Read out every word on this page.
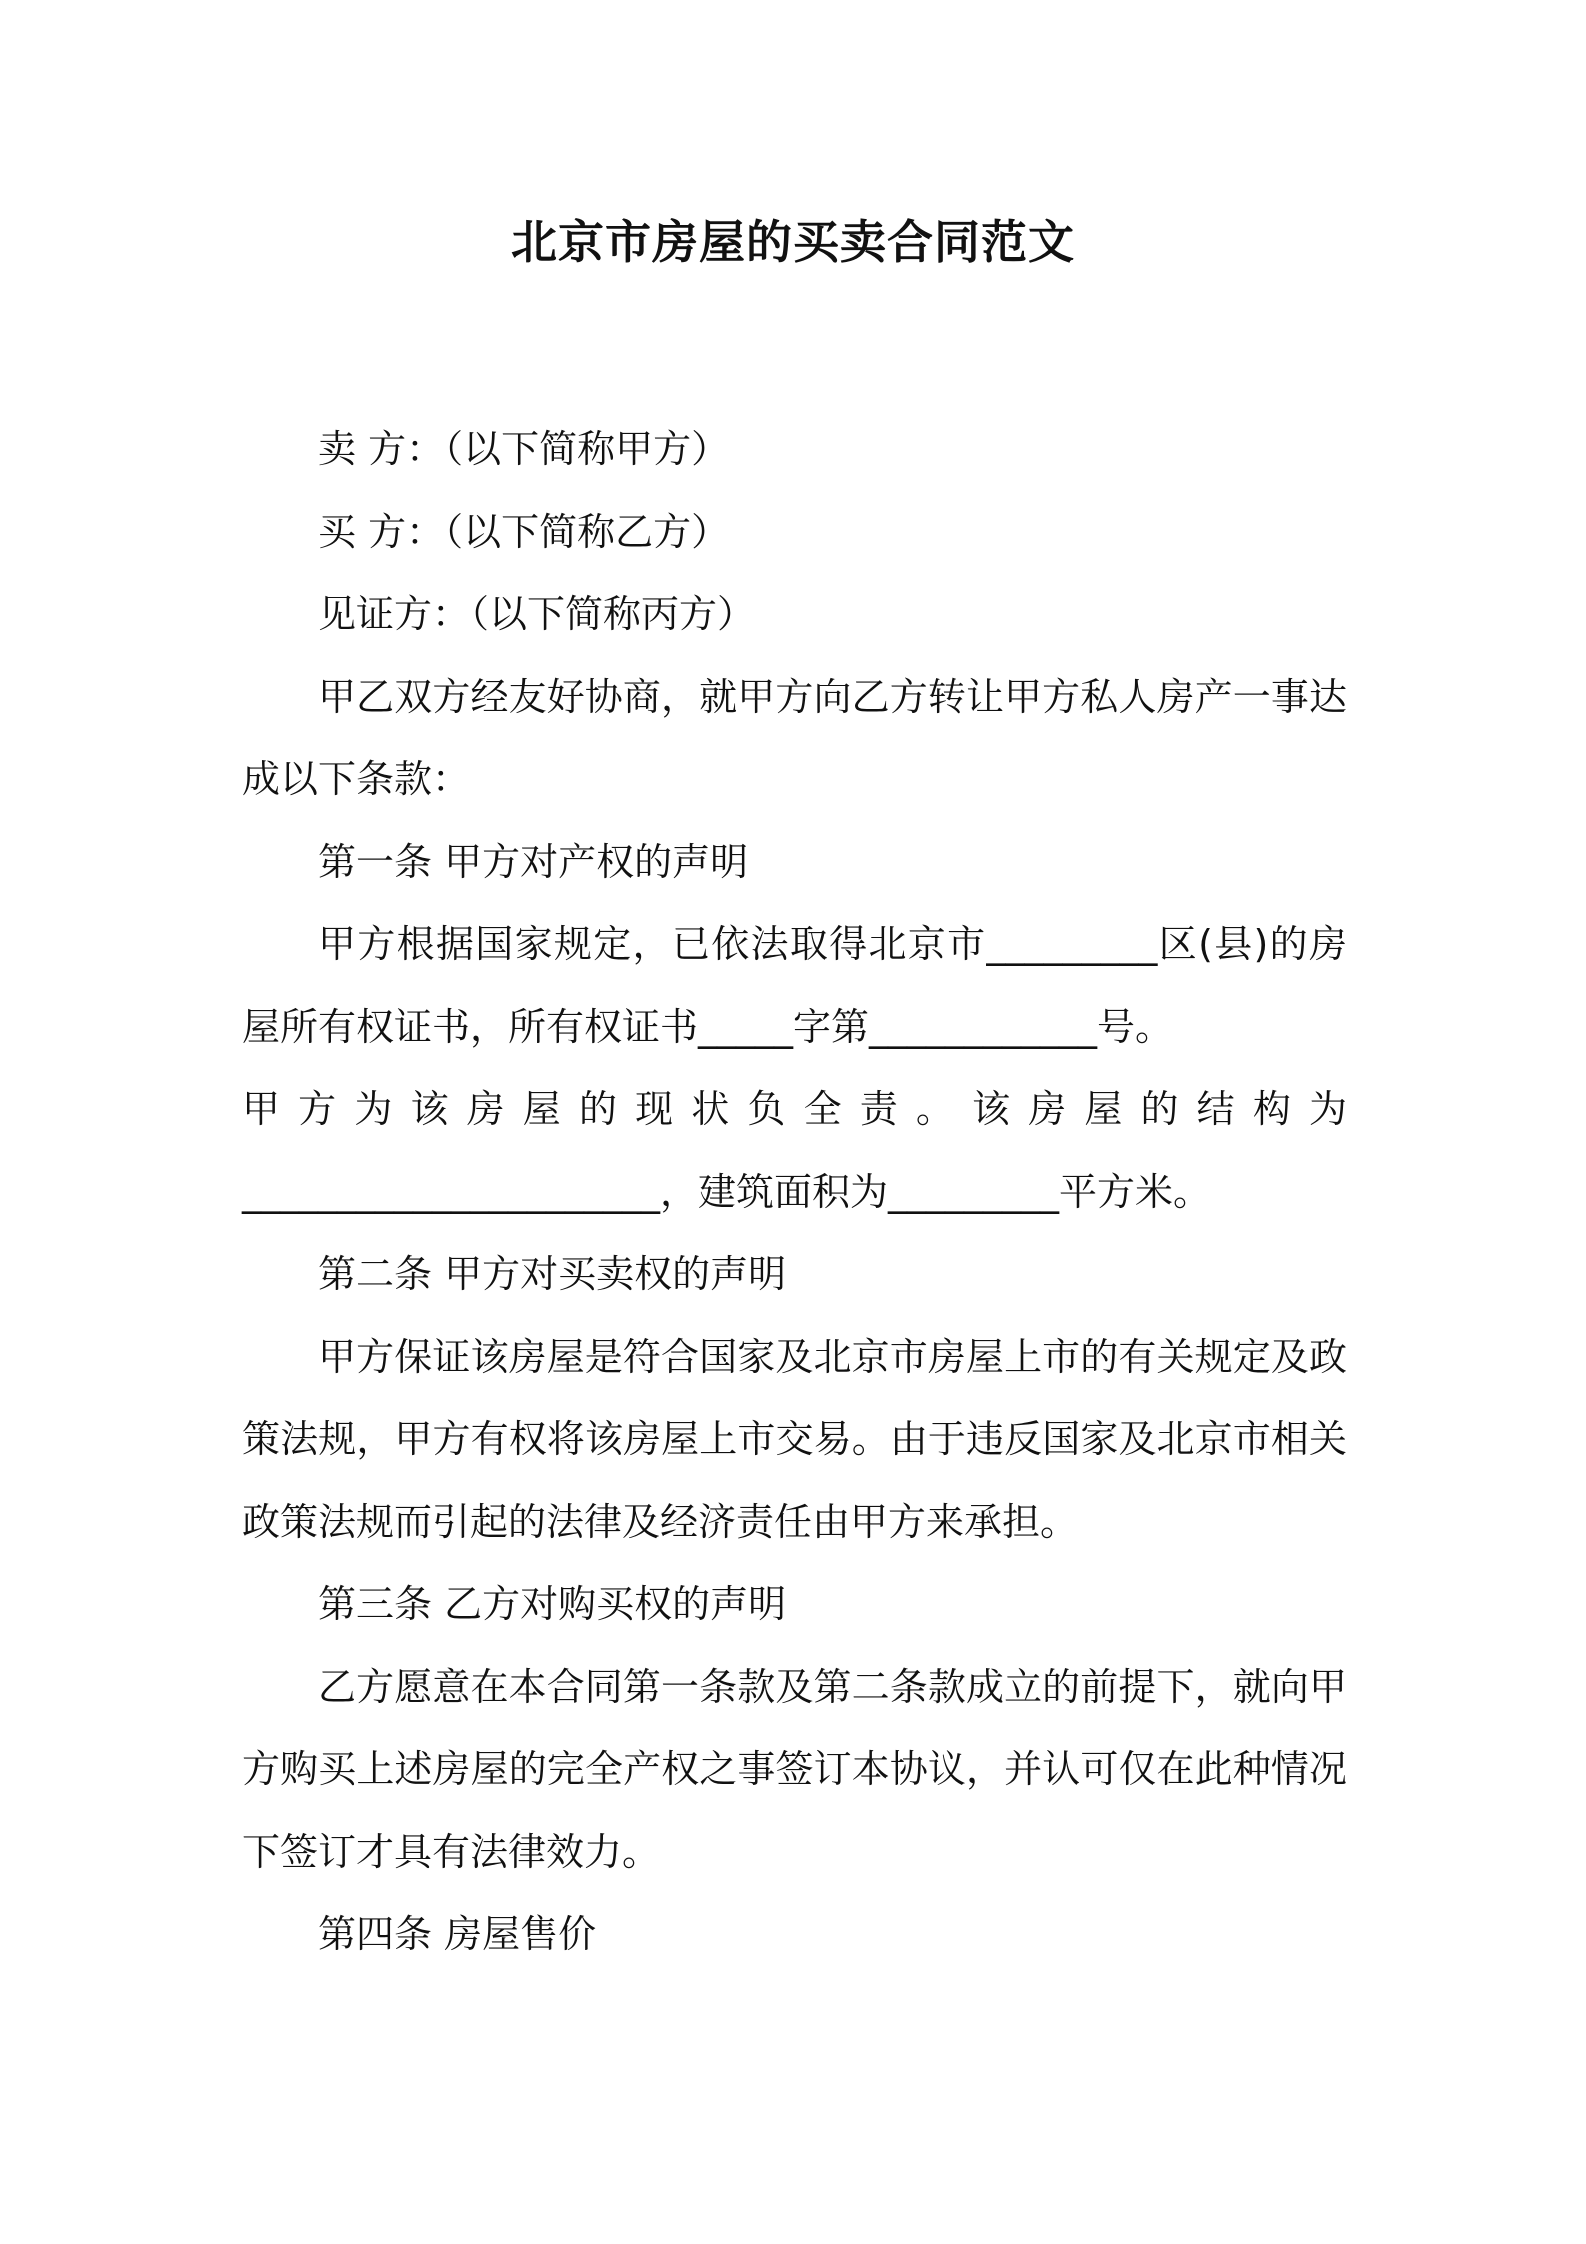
北京市房屋的买卖合同范文

卖 方：（以下简称甲方）

买 方：（以下简称乙方）

见证方：（以下简称丙方）

甲乙双方经友好协商，就甲方向乙方转让甲方私人房产一事达成以下条款：

第一条 甲方对产权的声明

甲方根据国家规定，已依法取得北京市_________区(县)的房屋所有权证书，所有权证书_____字第____________号。

甲方为该房屋的现状负全责。该房屋的结构为

______________________，建筑面积为_________平方米。

第二条 甲方对买卖权的声明

甲方保证该房屋是符合国家及北京市房屋上市的有关规定及政策法规，甲方有权将该房屋上市交易。由于违反国家及北京市相关政策法规而引起的法律及经济责任由甲方来承担。

第三条 乙方对购买权的声明

乙方愿意在本合同第一条款及第二条款成立的前提下，就向甲方购买上述房屋的完全产权之事签订本协议，并认可仅在此种情况下签订才具有法律效力。

第四条 房屋售价
